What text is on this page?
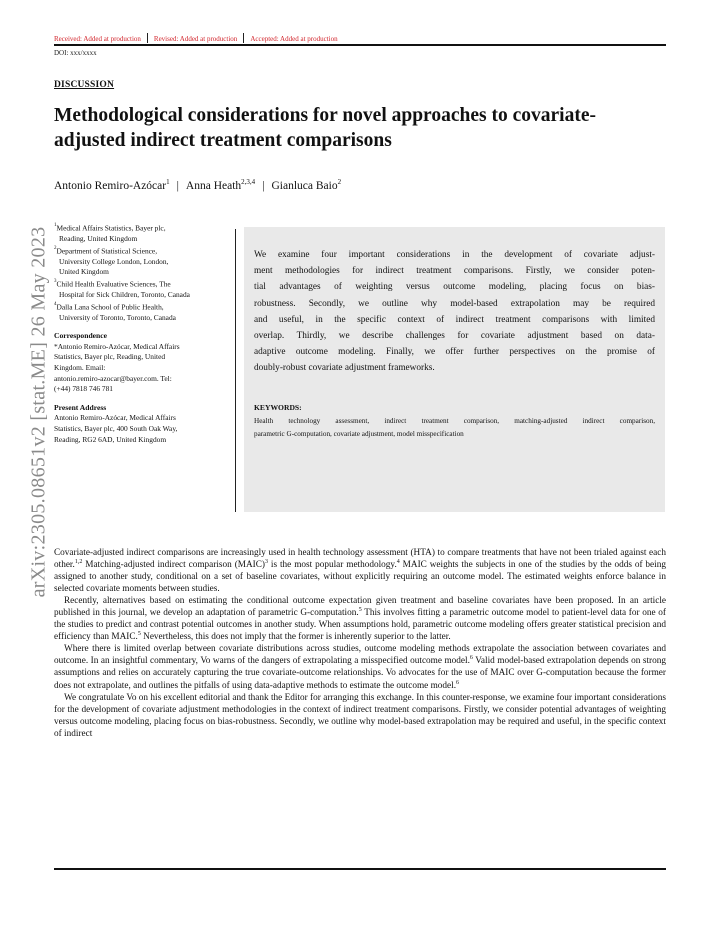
Received: Added at production Revised: Added at production Accepted: Added at production
DOI: xxx/xxxx
DISCUSSION
Methodological considerations for novel approaches to covariate-adjusted indirect treatment comparisons
Antonio Remiro-Azócar$^1$ | Anna Heath$^{2,3,4}$ | Gianluca Baio$^2$
$^1$Medical Affairs Statistics, Bayer plc,
Reading, United Kingdom
$^2$Department of Statistical Science,
University College London, London,
United Kingdom
$^3$Child Health Evaluative Sciences, The
Hospital for Sick Children, Toronto, Canada
$^4$Dalla Lana School of Public Health,
University of Toronto, Toronto, Canada
Correspondence
*Antonio Remiro-Azócar, Medical Affairs
Statistics, Bayer plc, Reading, United
Kingdom. Email:
antonio.remiro-azocar@bayer.com. Tel:
(+44) 7818 746 781
Present Address
Antonio Remiro-Azócar, Medical Affairs
Statistics, Bayer plc, 400 South Oak Way,
Reading, RG2 6AD, United Kingdom
We examine four important considerations in the development of covariate adjust-
ment methodologies for indirect treatment comparisons. Firstly, we consider poten-
tial advantages of weighting versus outcome modeling, placing focus on bias-
robustness. Secondly, we outline why model-based extrapolation may be required
and useful, in the specific context of indirect treatment comparisons with limited
overlap. Thirdly, we describe challenges for covariate adjustment based on data-
adaptive outcome modeling. Finally, we offer further perspectives on the promise of
doubly-robust covariate adjustment frameworks.
KEYWORDS:
Health technology assessment, indirect treatment comparison, matching-adjusted indirect comparison,
parametric G-computation, covariate adjustment, model misspecification
arXiv:2305.08651v2 [stat.ME] 26 May 2023 Covariate-adjusted indirect comparisons are increasingly used in health technology assessment (HTA) to compare treatments that have not been trialed against each other.$^{1,2}$ Matching-adjusted indirect comparison (MAIC)$^3$ is the most popular methodology.$^4$ MAIC weights the subjects in one of the studies by the odds of being assigned to another study, conditional on a set of baseline covariates, without explicitly requiring an outcome model. The estimated weights enforce balance in selected covariate moments between studies.

Recently, alternatives based on estimating the conditional outcome expectation given treatment and baseline covariates have been proposed. In an article published in this journal, we develop an adaptation of parametric G-computation.$^5$ This involves fitting a parametric outcome model to patient-level data for one of the studies to predict and contrast potential outcomes in another study. When assumptions hold, parametric outcome modeling offers greater statistical precision and efficiency than MAIC.$^5$ Nevertheless, this does not imply that the former is inherently superior to the latter.

Where there is limited overlap between covariate distributions across studies, outcome modeling methods extrapolate the association between covariates and outcome. In an insightful commentary, Vo warns of the dangers of extrapolating a misspecified outcome model.$^6$ Valid model-based extrapolation depends on strong assumptions and relies on accurately capturing the true covariate-outcome relationships. Vo advocates for the use of MAIC over G-computation because the former does not extrapolate, and outlines the pitfalls of using data-adaptive methods to estimate the outcome model.$^6$

We congratulate Vo on his excellent editorial and thank the Editor for arranging this exchange. In this counter-response, we examine four important considerations for the development of covariate adjustment methodologies in the context of indirect treatment comparisons. Firstly, we consider potential advantages of weighting versus outcome modeling, placing focus on bias-robustness. Secondly, we outline why model-based extrapolation may be required and useful, in the specific context of indirect
